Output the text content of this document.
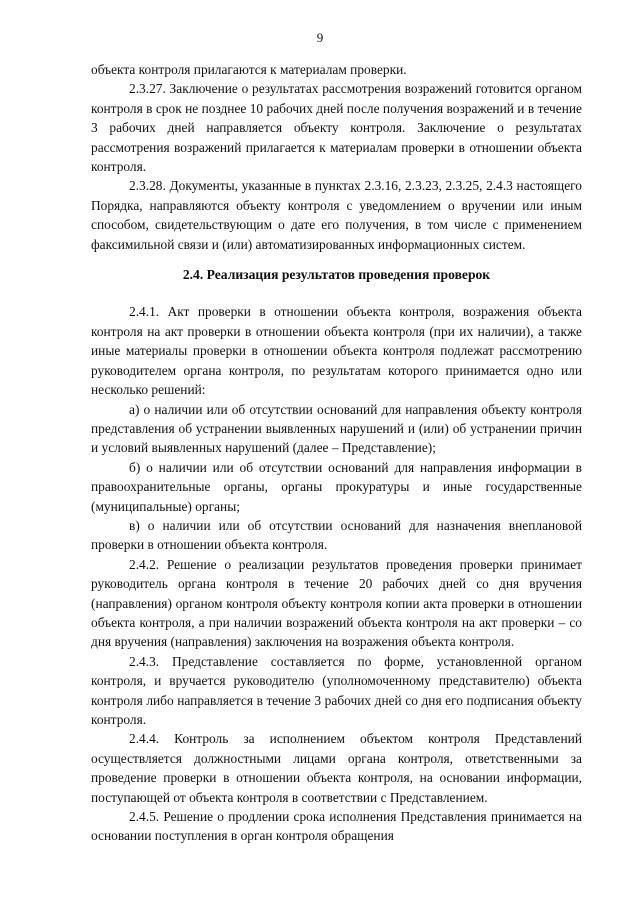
9

объекта контроля прилагаются к материалам проверки.

2.3.27. Заключение о результатах рассмотрения возражений готовится органом контроля в срок не позднее 10 рабочих дней после получения возражений и в течение 3 рабочих дней направляется объекту контроля. Заключение о результатах рассмотрения возражений прилагается к материалам проверки в отношении объекта контроля.

2.3.28. Документы, указанные в пунктах 2.3.16, 2.3.23, 2.3.25, 2.4.3 настоящего Порядка, направляются объекту контроля с уведомлением о вручении или иным способом, свидетельствующим о дате его получения, в том числе с применением факсимильной связи и (или) автоматизированных информационных систем.

2.4. Реализация результатов проведения проверок

2.4.1. Акт проверки в отношении объекта контроля, возражения объекта контроля на акт проверки в отношении объекта контроля (при их наличии), а также иные материалы проверки в отношении объекта контроля подлежат рассмотрению руководителем органа контроля, по результатам которого принимается одно или несколько решений:

а) о наличии или об отсутствии оснований для направления объекту контроля представления об устранении выявленных нарушений и (или) об устранении причин и условий выявленных нарушений (далее – Представление);

б) о наличии или об отсутствии оснований для направления информации в правоохранительные органы, органы прокуратуры и иные государственные (муниципальные) органы;

в) о наличии или об отсутствии оснований для назначения внеплановой проверки в отношении объекта контроля.

2.4.2. Решение о реализации результатов проведения проверки принимает руководитель органа контроля в течение 20 рабочих дней со дня вручения (направления) органом контроля объекту контроля копии акта проверки в отношении объекта контроля, а при наличии возражений объекта контроля на акт проверки – со дня вручения (направления) заключения на возражения объекта контроля.

2.4.3. Представление составляется по форме, установленной органом контроля, и вручается руководителю (уполномоченному представителю) объекта контроля либо направляется в течение 3 рабочих дней со дня его подписания объекту контроля.

2.4.4. Контроль за исполнением объектом контроля Представлений осуществляется должностными лицами органа контроля, ответственными за проведение проверки в отношении объекта контроля, на основании информации, поступающей от объекта контроля в соответствии с Представлением.

2.4.5. Решение о продлении срока исполнения Представления принимается на основании поступления в орган контроля обращения
